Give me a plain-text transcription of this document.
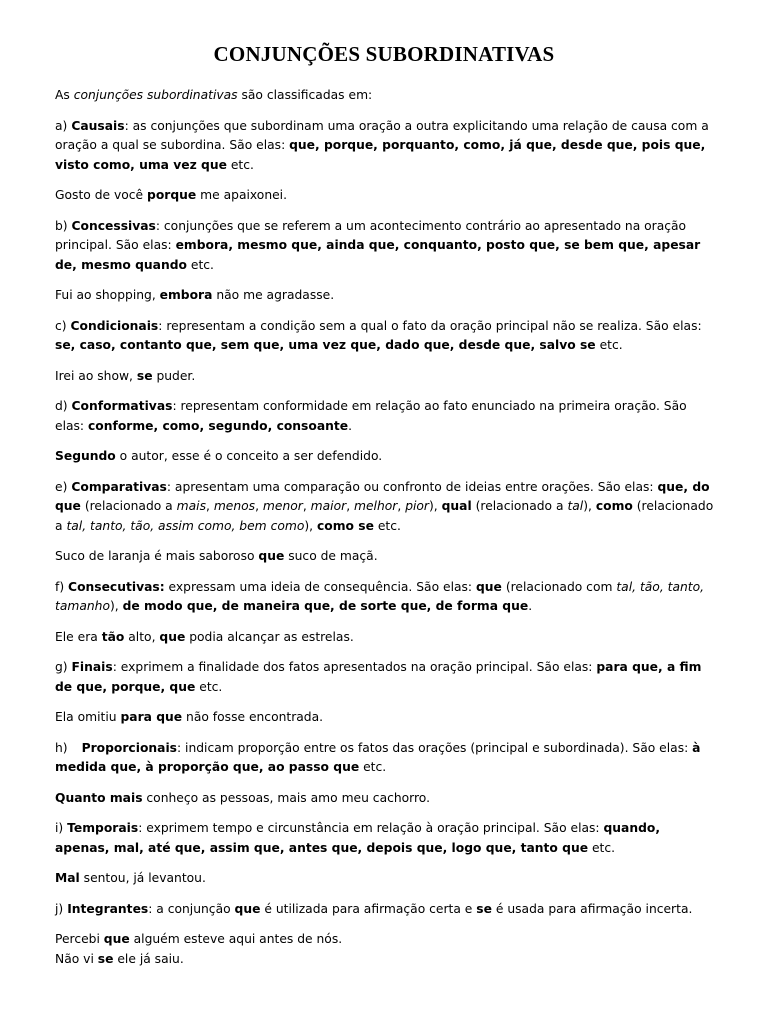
CONJUNÇÕES SUBORDINATIVAS

As conjunções subordinativas são classificadas em:

a) Causais: as conjunções que subordinam uma oração a outra explicitando uma relação de causa com a oração a qual se subordina. São elas: que, porque, porquanto, como, já que, desde que, pois que, visto como, uma vez que etc.

Gosto de você porque me apaixonei.

b) Concessivas: conjunções que se referem a um acontecimento contrário ao apresentado na oração principal. São elas: embora, mesmo que, ainda que, conquanto, posto que, se bem que, apesar de, mesmo quando etc.

Fui ao shopping, embora não me agradasse.

c) Condicionais: representam a condição sem a qual o fato da oração principal não se realiza. São elas: se, caso, contanto que, sem que, uma vez que, dado que, desde que, salvo se etc.

Irei ao show, se puder.

d) Conformativas: representam conformidade em relação ao fato enunciado na primeira oração. São elas: conforme, como, segundo, consoante.

Segundo o autor, esse é o conceito a ser defendido.

e) Comparativas: apresentam uma comparação ou confronto de ideias entre orações. São elas: que, do que (relacionado a mais, menos, menor, maior, melhor, pior), qual (relacionado a tal), como (relacionado a tal, tanto, tão, assim como, bem como), como se etc.

Suco de laranja é mais saboroso que suco de maçã.

f) Consecutivas: expressam uma ideia de consequência. São elas: que (relacionado com tal, tão, tanto, tamanho), de modo que, de maneira que, de sorte que, de forma que.

Ele era tão alto, que podia alcançar as estrelas.

g) Finais: exprimem a finalidade dos fatos apresentados na oração principal. São elas: para que, a fim de que, porque, que etc.

Ela omitiu para que não fosse encontrada.

h) Proporcionais: indicam proporção entre os fatos das orações (principal e subordinada). São elas: à medida que, à proporção que, ao passo que etc.

Quanto mais conheço as pessoas, mais amo meu cachorro.

i) Temporais: exprimem tempo e circunstância em relação à oração principal. São elas: quando, apenas, mal, até que, assim que, antes que, depois que, logo que, tanto que etc.

Mal sentou, já levantou.

j) Integrantes: a conjunção que é utilizada para afirmação certa e se é usada para afirmação incerta.

Percebi que alguém esteve aqui antes de nós.

Não vi se ele já saiu.
